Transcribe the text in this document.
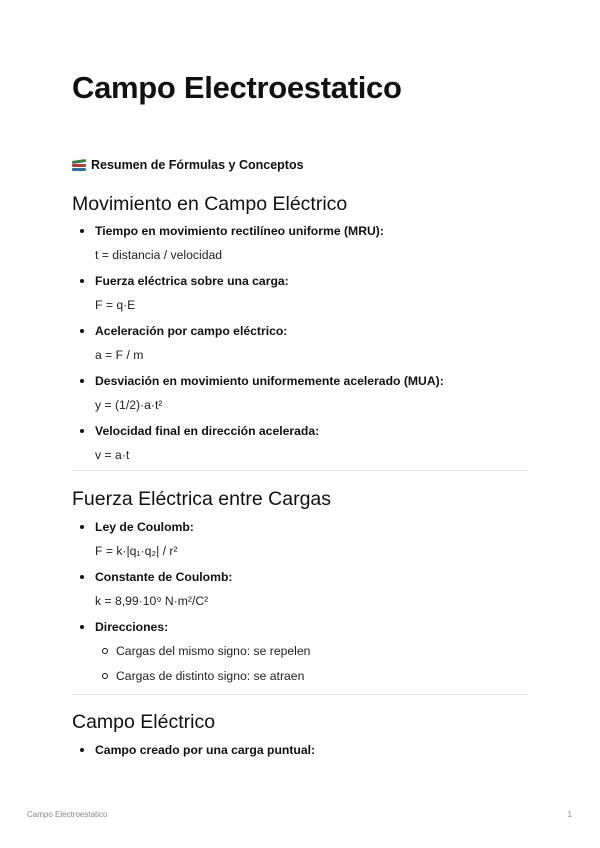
Campo Electroestatico
Resumen de Fórmulas y Conceptos
Movimiento en Campo Eléctrico
Tiempo en movimiento rectilíneo uniforme (MRU):
t = distancia / velocidad
Fuerza eléctrica sobre una carga:
F = q·E
Aceleración por campo eléctrico:
a = F / m
Desviación en movimiento uniformemente acelerado (MUA):
y = (1/2)·a·t²
Velocidad final en dirección acelerada:
v = a·t
Fuerza Eléctrica entre Cargas
Ley de Coulomb:
F = k·|q₁·q₂| / r²
Constante de Coulomb:
k = 8,99·10⁹ N·m²/C²
Direcciones:
Cargas del mismo signo: se repelen
Cargas de distinto signo: se atraen
Campo Eléctrico
Campo creado por una carga puntual:
Campo Electroestatico	1
